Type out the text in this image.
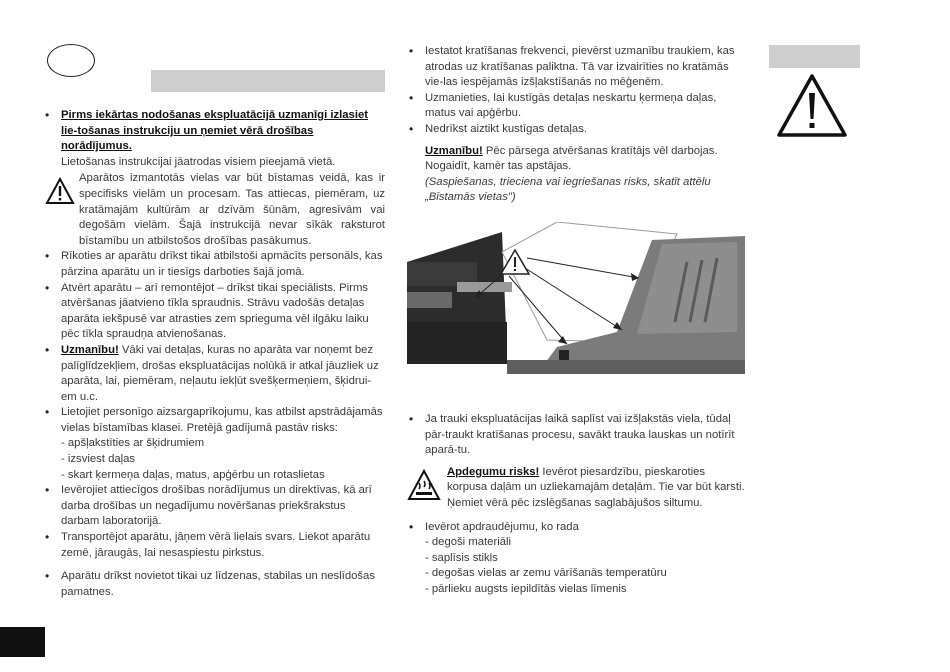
• Pirms iekārtas nodošanas ekspluatācijā uzmanīgi izlasiet
lie-tošanas instrukciju un ņemiet vērā drošības norādījumus.
Lietošanas instrukcijai jāatrodas visiem pieejamā vietā.
Aparātos izmantotās vielas var būt bīstamas veidā, kas ir specifisks vielām un procesam. Tas attiecas, piemēram, uz kratāmajām kultūrām ar dzīvām šūnām, agresīvām vai degošām vielām. Šajā instrukcijā nevar sīkāk raksturot bīstamību un atbilstošos drošības pasākumus.
• Rīkoties ar aparātu drīkst tikai atbilstoši apmācīts personāls, kas pārzina aparātu un ir tiesīgs darboties šajā jomā.
• Atvērt aparātu – arī remontējot – drīkst tikai speciālists. Pirms atvēršanas jāatvieno tīkla spraudnis. Strāvu vadošās detaļas aparāta iekšpusē var atrasties zem sprieguma vēl ilgāku laiku pēc tīkla spraudņa atvienošanas.
• Uzmanību! Vāki vai detaļas, kuras no aparāta var noņemt bez palīglīdzekļiem, drošas ekspluatācijas nolūkā ir atkal jāuzliek uz aparāta, lai, piemēram, neļautu iekļūt svešķermeņiem, šķidrui-em u.c.
• Lietojiet personīgo aizsargaprīkojumu, kas atbilst apstrādājamās vielas bīstamības klasei. Pretējā gadījumā pastāv risks:
- apšļakstīties ar šķidrumiem
- izsviest daļas
- skart ķermeņa daļas, matus, apģērbu un rotaslietas
• Ievērojiet attiecīgos drošības norādījumus un direktīvas, kā arī darba drošības un negadījumu novēršanas priekšrakstus darbam laboratorijā.
• Transportējot aparātu, jāņem vērā lielais svars. Liekot aparātu zemē, jāraugās, lai nesaspiestu pirkstus.
• Aparātu drīkst novietot tikai uz līdzenas, stabilas un neslīdošas pamatnes.
• Iestatot kratīšanas frekvenci, pievērst uzmanību traukiem, kas atrodas uz kratīšanas paliktna. Tā var izvairīties no kratāmās vie-las iespējamās izšļakstīšanās no mēģenēm.
• Uzmanieties, lai kustīgās detaļas neskartu ķermeņa daļas, matus vai apģērbu.
• Nedrīkst aiztikt kustīgas detaļas.
Uzmanību! Pēc pārsega atvēršanas kratītājs vēl darbojas. Nogaidīt, kamēr tas apstājas.
(Saspiešanas, trieciena vai iegriešanas risks, skatīt attēlu „Bīstamās vietas")
• Ja trauki ekspluatācijas laikā saplīst vai izšļakstās viela, tūdaļ pār-traukt kratīšanas procesu, savākt trauka lauskas un notīrīt aparā-tu.
Apdegumu risks! Ievērot piesardzību, pieskaroties korpusa daļām un uzliekamajām detaļām. Tie var būt karsti. Ņemiet vērā pēc izslēgšanas saglabājušos siltumu.
• Ievērot apdraudējumu, ko rada
- degoši materiāli
- saplīsis stikls
- degošas vielas ar zemu vārīšanās temperatūru
- pārlieku augsts iepildītās vielas līmenis
